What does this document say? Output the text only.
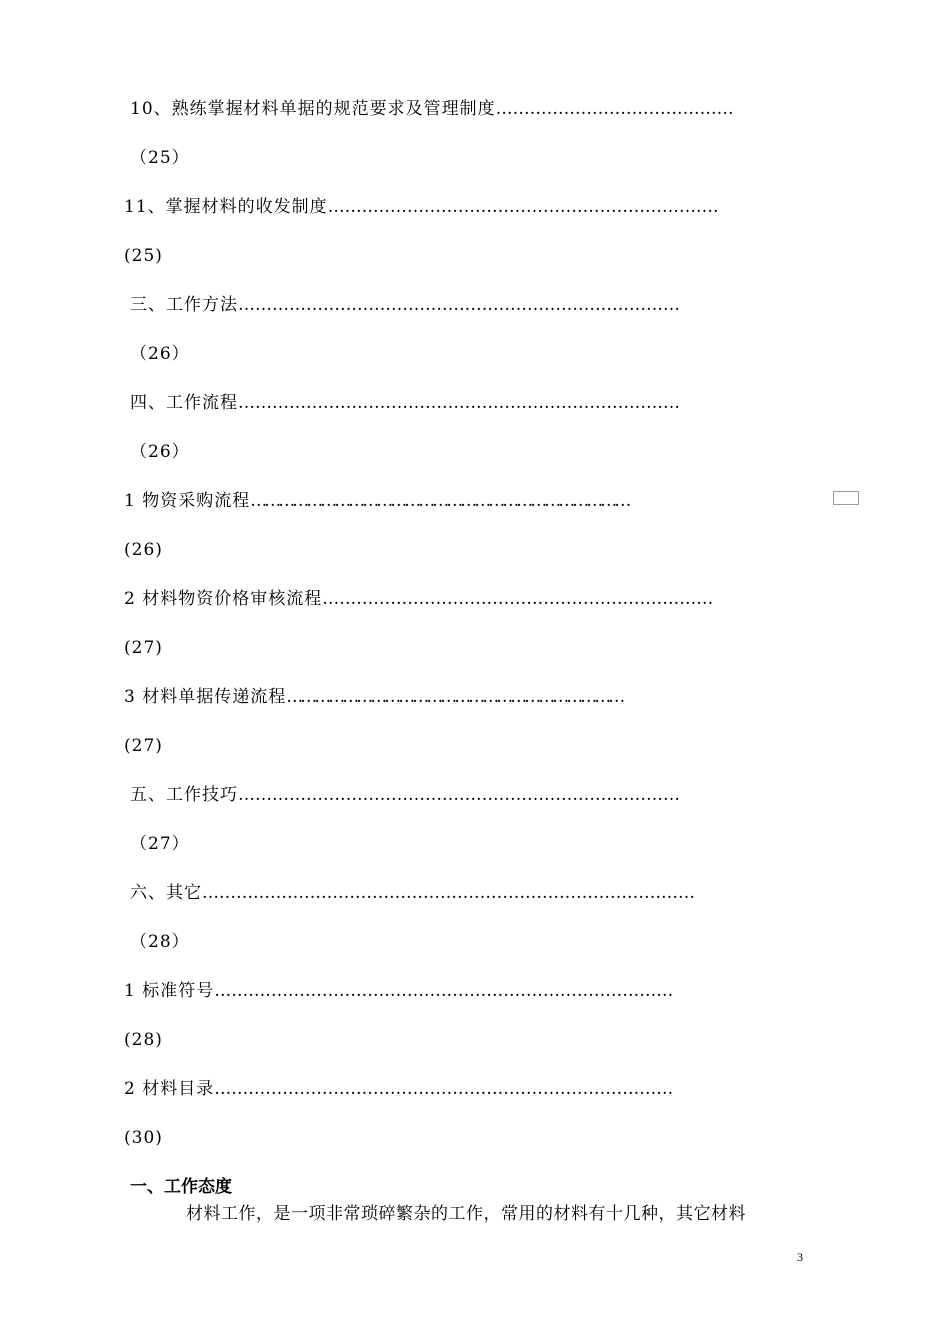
10、熟练掌握材料单据的规范要求及管理制度……………………………………
（25）
11、掌握材料的收发制度……………………………………………………………
(25)
三、工作方法……………………………………………………………………
（26）
四、工作流程……………………………………………………………………
（26）
1 物资采购流程………………………………………………………………………
(26)
2 材料物资价格审核流程……………………………………………………………
(27)
3 材料单据传递流程………………………………………………………………
(27)
五、工作技巧……………………………………………………………………
（27）
六、其它……………………………………………………………………………
（28）
1 标准符号………………………………………………………………………
(28)
2 材料目录………………………………………………………………………
(30)
一、工作态度
材料工作，是一项非常琐碎繁杂的工作，常用的材料有十几种，其它材料
3
